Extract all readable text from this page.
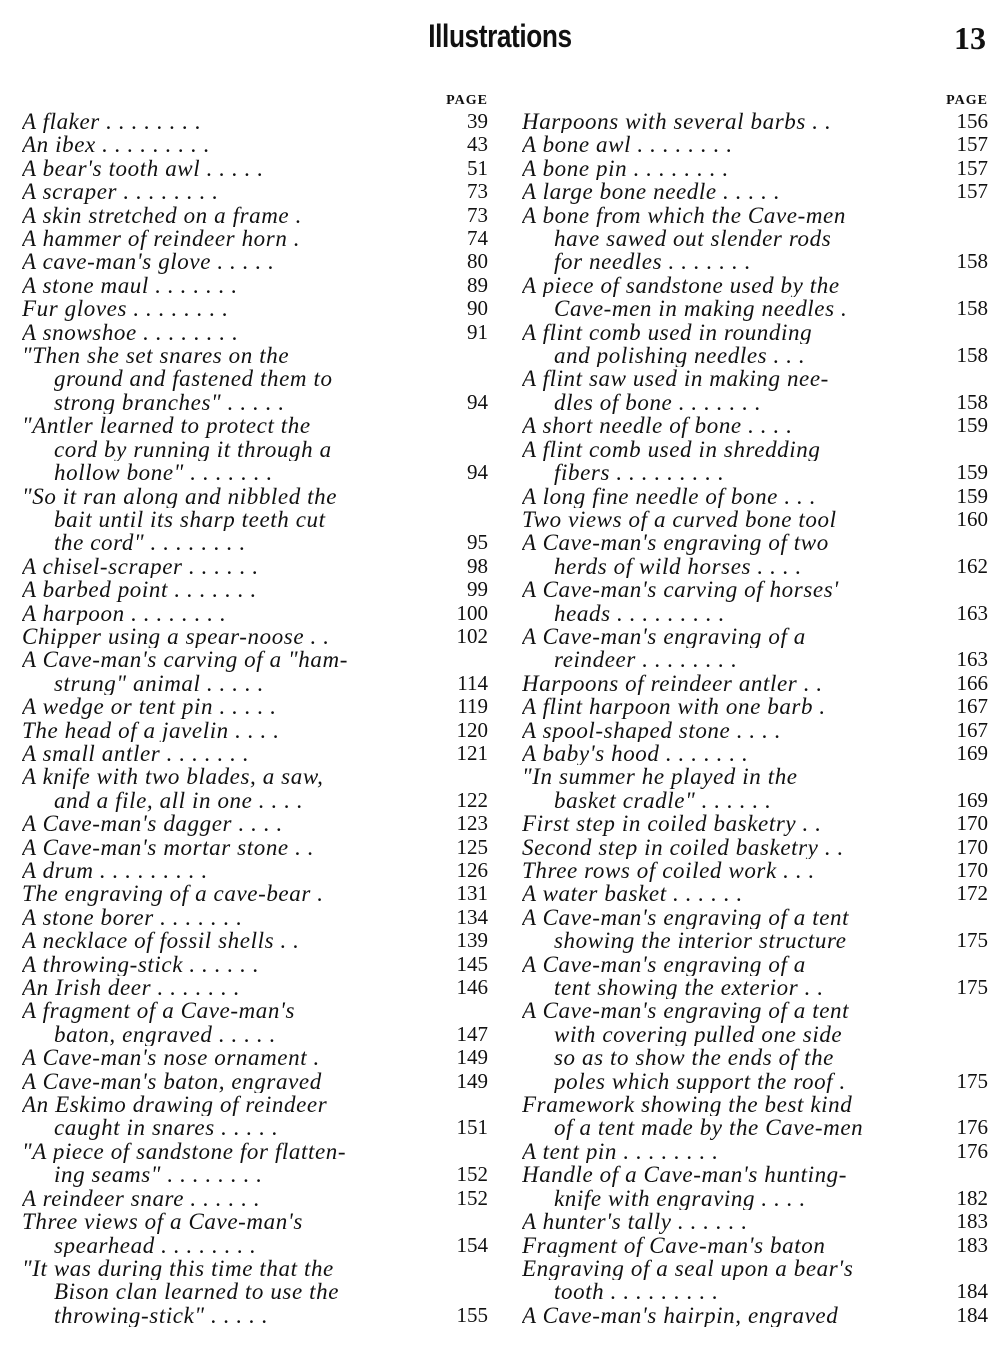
Illustrations	13
PAGE
A flaker . . . . . . . .	39
An ibex . . . . . . . . .	43
A bear's tooth awl . . . . .	51
A scraper . . . . . . . .	73
A skin stretched on a frame .	73
A hammer of reindeer horn .	74
A cave-man's glove . . . . .	80
A stone maul . . . . . . .	89
Fur gloves . . . . . . . .	90
A snowshoe . . . . . . . .	91
"Then she set snares on the
ground and fastened them to
strong branches" . . . . .	94
"Antler learned to protect the
cord by running it through a
hollow bone" . . . . . . .	94
"So it ran along and nibbled the
bait until its sharp teeth cut
the cord" . . . . . . . .	95
A chisel-scraper . . . . . .	98
A barbed point . . . . . . .	99
A harpoon . . . . . . . .	100
Chipper using a spear-noose . .	102
A Cave-man's carving of a "ham-
strung" animal . . . . .	114
A wedge or tent pin . . . . .	119
The head of a javelin . . . .	120
A small antler . . . . . . .	121
A knife with two blades, a saw,
and a file, all in one . . . .	122
A Cave-man's dagger . . . .	123
A Cave-man's mortar stone . .	125
A drum . . . . . . . . .	126
The engraving of a cave-bear .	131
A stone borer . . . . . . .	134
A necklace of fossil shells . .	139
A throwing-stick . . . . . .	145
An Irish deer . . . . . . .	146
A fragment of a Cave-man's
baton, engraved . . . . .	147
A Cave-man's nose ornament .	149
A Cave-man's baton, engraved	149
An Eskimo drawing of reindeer
caught in snares . . . . .	151
"A piece of sandstone for flatten-
ing seams" . . . . . . . .	152
A reindeer snare . . . . . .	152
Three views of a Cave-man's
spearhead . . . . . . . .	154
"It was during this time that the
Bison clan learned to use the
throwing-stick" . . . . .	155
PAGE
Harpoons with several barbs . .	156
A bone awl . . . . . . . .	157
A bone pin . . . . . . . .	157
A large bone needle . . . . .	157
A bone from which the Cave-men
have sawed out slender rods
for needles . . . . . . .	158
A piece of sandstone used by the
Cave-men in making needles .	158
A flint comb used in rounding
and polishing needles . . .	158
A flint saw used in making nee-
dles of bone . . . . . . .	158
A short needle of bone . . . .	159
A flint comb used in shredding
fibers . . . . . . . . .	159
A long fine needle of bone . . .	159
Two views of a curved bone tool	160
A Cave-man's engraving of two
herds of wild horses . . . .	162
A Cave-man's carving of horses'
heads . . . . . . . . .	163
A Cave-man's engraving of a
reindeer . . . . . . . .	163
Harpoons of reindeer antler . .	166
A flint harpoon with one barb .	167
A spool-shaped stone . . . .	167
A baby's hood . . . . . . .	169
"In summer he played in the
basket cradle" . . . . . .	169
First step in coiled basketry . .	170
Second step in coiled basketry . .	170
Three rows of coiled work . . .	170
A water basket . . . . . .	172
A Cave-man's engraving of a tent
showing the interior structure	175
A Cave-man's engraving of a
tent showing the exterior . .	175
A Cave-man's engraving of a tent
with covering pulled one side
so as to show the ends of the
poles which support the roof .	175
Framework showing the best kind
of a tent made by the Cave-men	176
A tent pin . . . . . . . .	176
Handle of a Cave-man's hunting-
knife with engraving . . . .	182
A hunter's tally . . . . . .	183
Fragment of Cave-man's baton	183
Engraving of a seal upon a bear's
tooth . . . . . . . . .	184
A Cave-man's hairpin, engraved	184
